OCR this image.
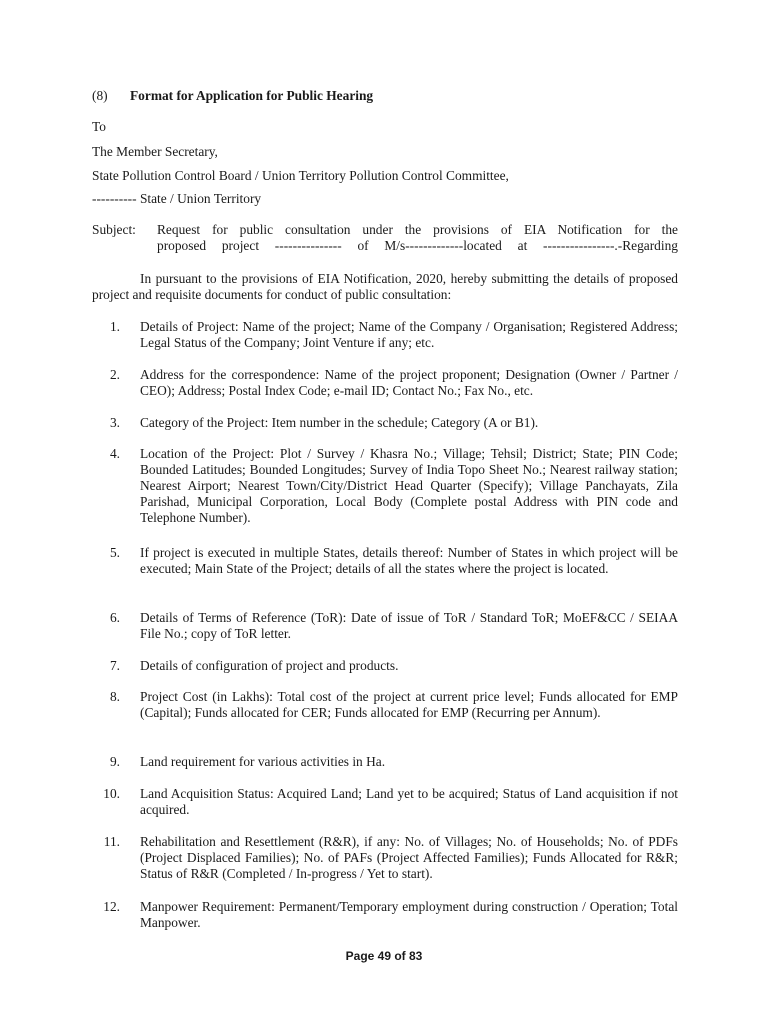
(8) Format for Application for Public Hearing
To
The Member Secretary,
State Pollution Control Board / Union Territory Pollution Control Committee,
---------- State / Union Territory
Subject:	Request for public consultation under the provisions of EIA Notification for the
proposed project --------------- of M/s-------------located at ----------------.-Regarding
In pursuant to the provisions of EIA Notification, 2020, hereby submitting the details of proposed project and requisite documents for conduct of public consultation:
1. Details of Project: Name of the project; Name of the Company / Organisation; Registered Address; Legal Status of the Company; Joint Venture if any; etc.
2. Address for the correspondence: Name of the project proponent; Designation (Owner / Partner / CEO); Address; Postal Index Code; e-mail ID; Contact No.; Fax No., etc.
3. Category of the Project: Item number in the schedule; Category (A or B1).
4. Location of the Project: Plot / Survey / Khasra No.; Village; Tehsil; District; State; PIN Code; Bounded Latitudes; Bounded Longitudes; Survey of India Topo Sheet No.; Nearest railway station; Nearest Airport; Nearest Town/City/District Head Quarter (Specify); Village Panchayats, Zila Parishad, Municipal Corporation, Local Body (Complete postal Address with PIN code and Telephone Number).
5. If project is executed in multiple States, details thereof: Number of States in which project will be executed; Main State of the Project; details of all the states where the project is located.
6. Details of Terms of Reference (ToR): Date of issue of ToR / Standard ToR; MoEF&CC / SEIAA File No.; copy of ToR letter.
7. Details of configuration of project and products.
8. Project Cost (in Lakhs): Total cost of the project at current price level; Funds allocated for EMP (Capital); Funds allocated for CER; Funds allocated for EMP (Recurring per Annum).
9. Land requirement for various activities in Ha.
10. Land Acquisition Status: Acquired Land; Land yet to be acquired; Status of Land acquisition if not acquired.
11. Rehabilitation and Resettlement (R&R), if any: No. of Villages; No. of Households; No. of PDFs (Project Displaced Families); No. of PAFs (Project Affected Families); Funds Allocated for R&R; Status of R&R (Completed / In-progress / Yet to start).
12. Manpower Requirement: Permanent/Temporary employment during construction / Operation; Total Manpower.
Page 49 of 83
